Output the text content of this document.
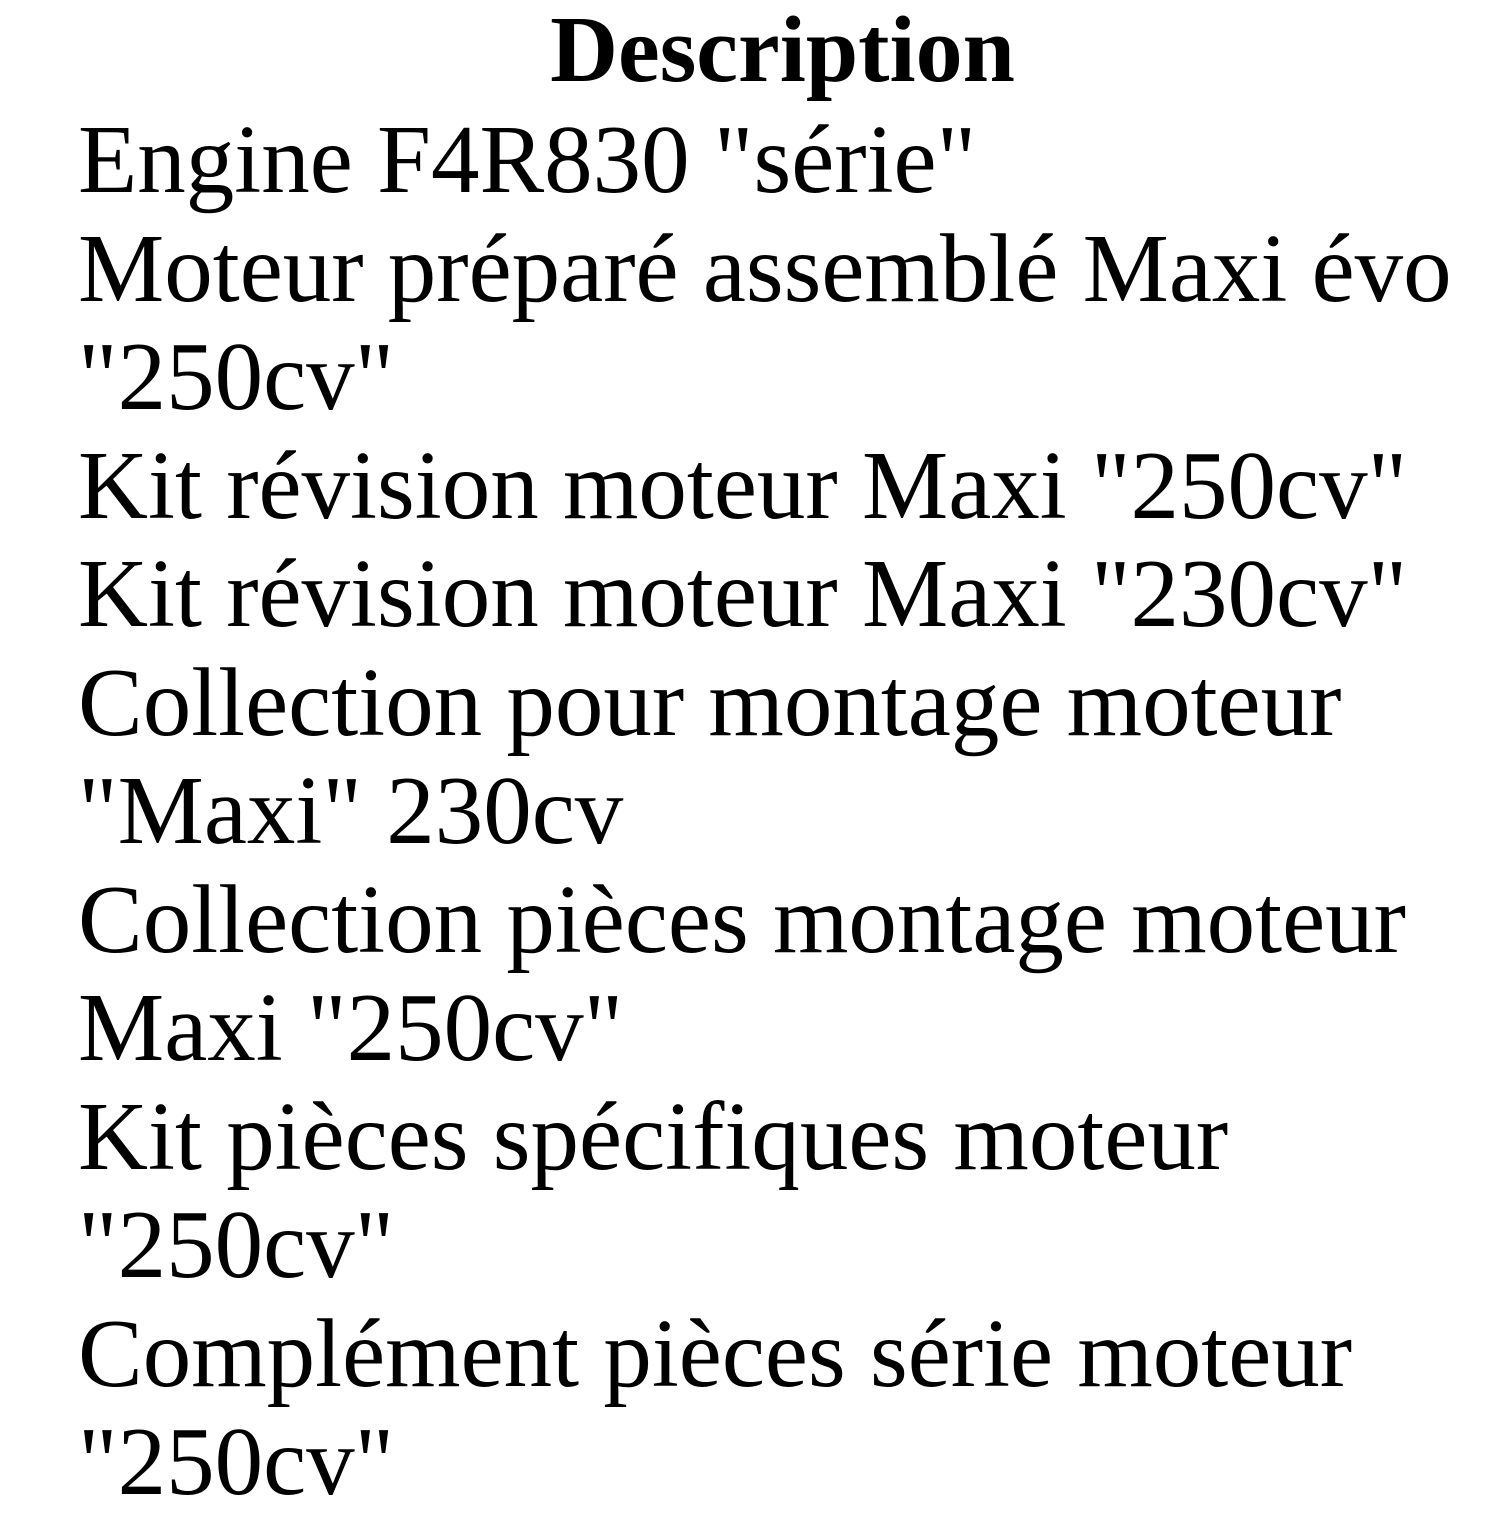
Description
Engine F4R830 "série"
Moteur préparé assemblé Maxi évo "250cv"
Kit révision moteur Maxi "250cv"
Kit révision moteur Maxi "230cv"
Collection pour montage moteur "Maxi" 230cv
Collection pièces montage moteur Maxi "250cv"
Kit pièces spécifiques moteur "250cv"
Complément pièces série moteur "250cv"
